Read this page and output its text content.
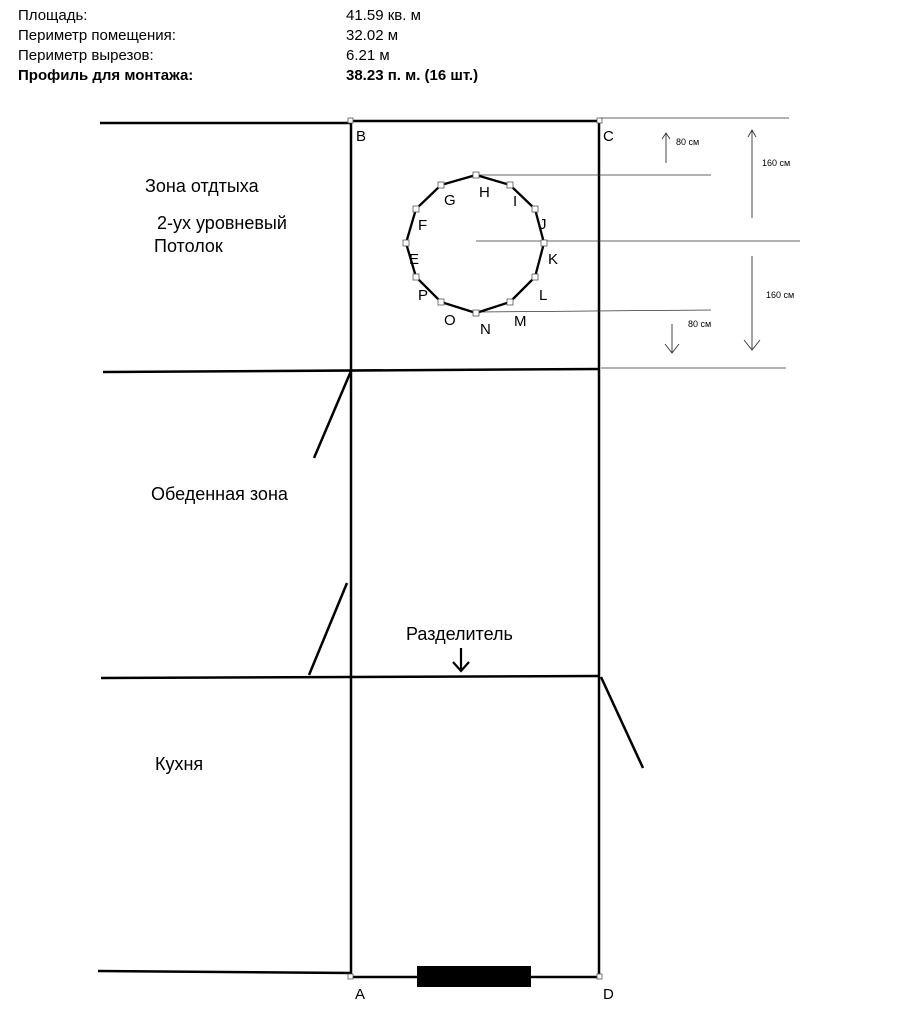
Площадь:	41.59 кв. м
Периметр помещения:	32.02 м
Периметр вырезов:	6.21 м
Профиль для монтажа:	38.23 п. м. (16 шт.)
B	C
A	D
Зона отдтыха
2-ух уровневый
Потолок
Обеденная зона
Кухня
Разделитель
80 см
160 см
160 см
80 см
G H
I
J
K
L
M
N
O
P
E
F
